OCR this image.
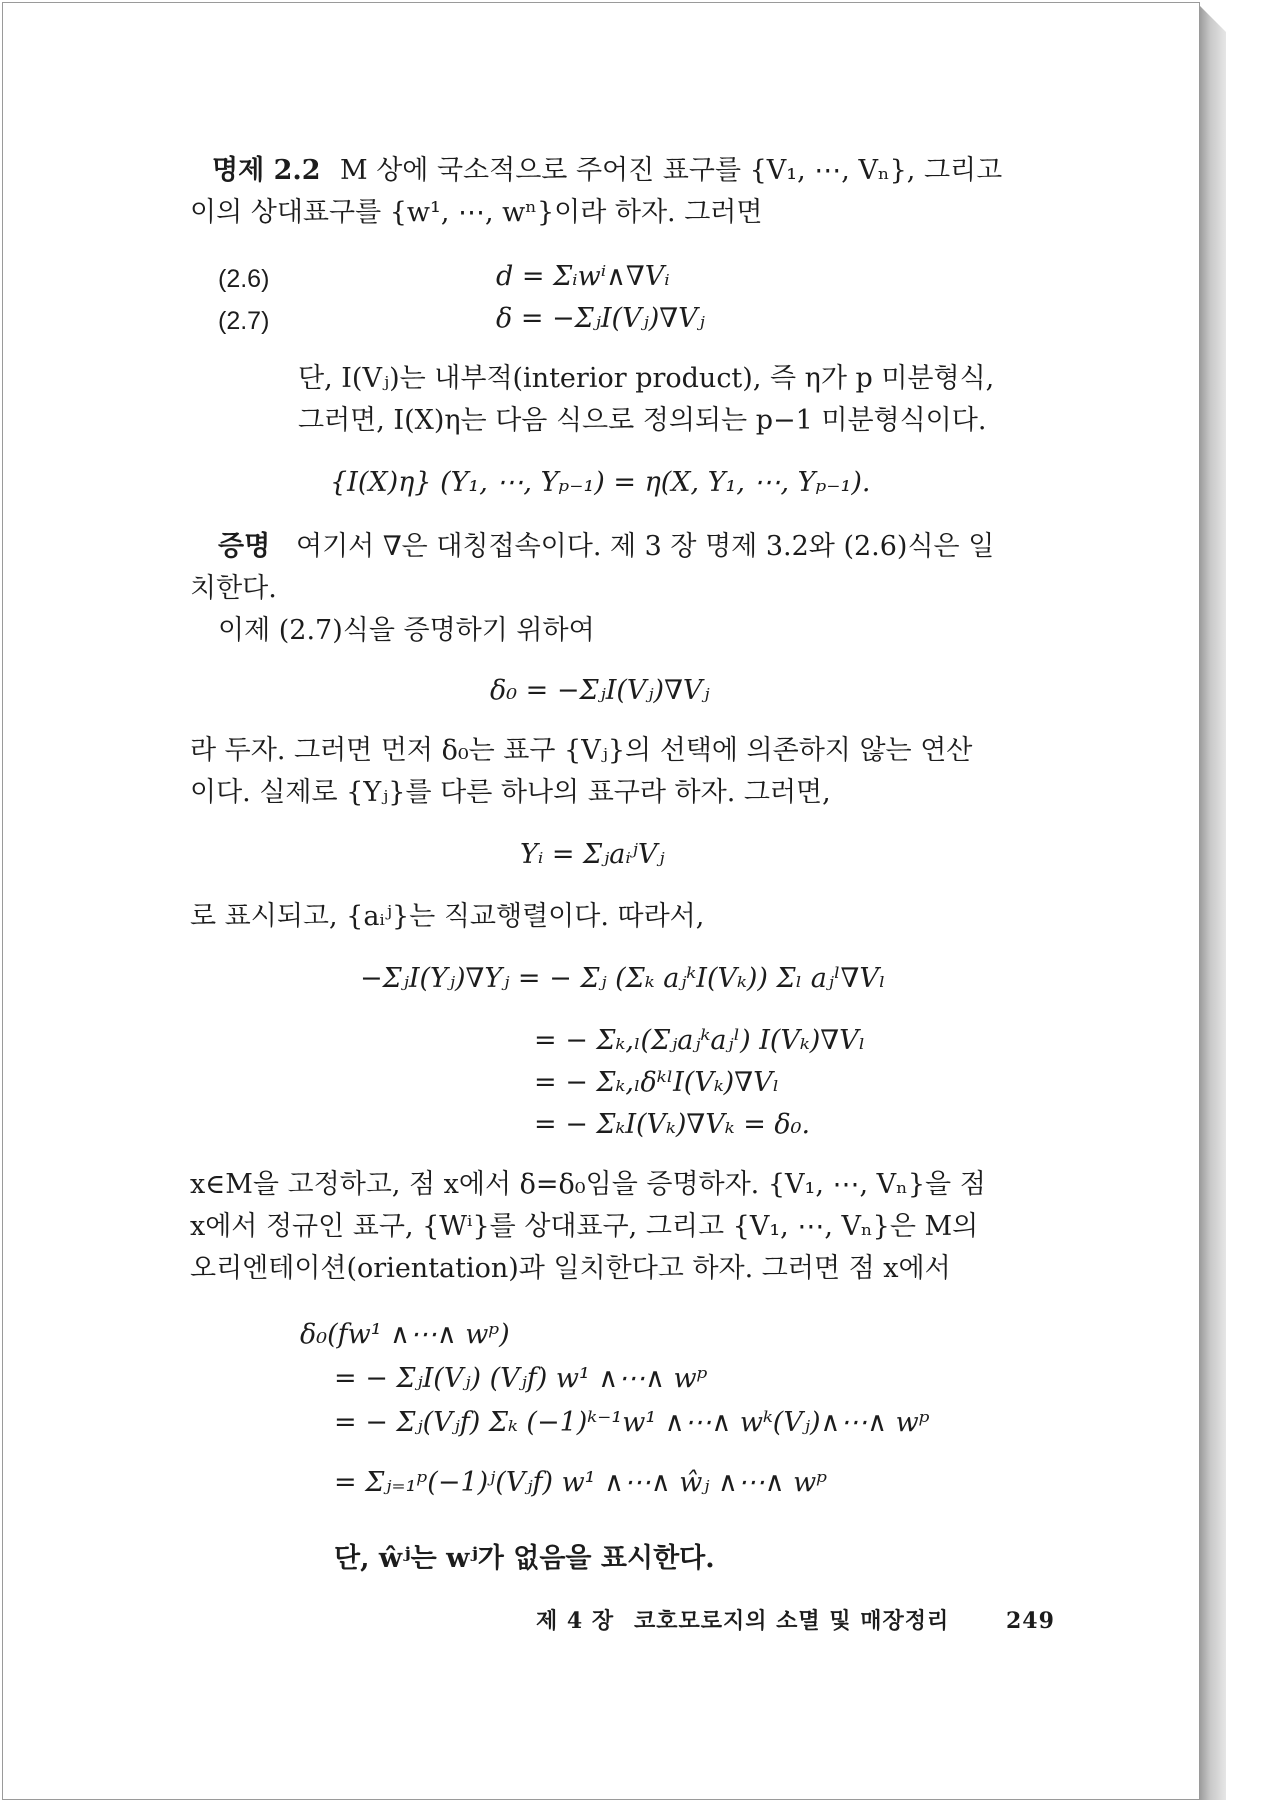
명제 2.2 M 상에 국소적으로 주어진 표구를 {V₁, ⋯, Vₙ}, 그리고
이의 상대표구를 {w¹, ⋯, wⁿ}이라 하자. 그러면
(2.6)	d = Σᵢwⁱ∧∇Vᵢ
(2.7)	δ = −ΣⱼI(Vⱼ)∇Vⱼ
단, I(Vⱼ)는 내부적(interior product), 즉 η가 p 미분형식,
그러면, I(X)η는 다음 식으로 정의되는 p−1 미분형식이다.
{I(X)η} (Y₁, ⋯, Yₚ₋₁) = η(X, Y₁, ⋯, Yₚ₋₁).
증명 여기서 ∇은 대칭접속이다. 제 3 장 명제 3.2와 (2.6)식은 일
치한다.
이제 (2.7)식을 증명하기 위하여
δ₀ = −ΣⱼI(Vⱼ)∇Vⱼ
라 두자. 그러면 먼저 δ₀는 표구 {Vⱼ}의 선택에 의존하지 않는 연산
이다. 실제로 {Yⱼ}를 다른 하나의 표구라 하자. 그러면,
Yᵢ = ΣⱼaᵢʲVⱼ
로 표시되고, {aᵢʲ}는 직교행렬이다. 따라서,
−ΣⱼI(Yⱼ)∇Yⱼ = − Σⱼ (Σₖ aⱼᵏI(Vₖ)) Σₗ aⱼˡ∇Vₗ
= − Σₖ,ₗ(Σⱼaⱼᵏaⱼˡ) I(Vₖ)∇Vₗ
= − Σₖ,ₗδᵏˡI(Vₖ)∇Vₗ
= − ΣₖI(Vₖ)∇Vₖ = δ₀.
x∈M을 고정하고, 점 x에서 δ=δ₀임을 증명하자. {V₁, ⋯, Vₙ}을 점
x에서 정규인 표구, {Wⁱ}를 상대표구, 그리고 {V₁, ⋯, Vₙ}은 M의
오리엔테이션(orientation)과 일치한다고 하자. 그러면 점 x에서
δ₀(fw¹ ∧⋯∧ wᵖ)
= − ΣⱼI(Vⱼ) (Vⱼf) w¹ ∧⋯∧ wᵖ
= − Σⱼ(Vⱼf) Σₖ (−1)ᵏ⁻¹w¹ ∧⋯∧ wᵏ(Vⱼ)∧⋯∧ wᵖ
= Σⱼ₌₁ᵖ(−1)ʲ(Vⱼf) w¹ ∧⋯∧ ŵⱼ ∧⋯∧ wᵖ
단, ŵʲ는 wʲ가 없음을 표시한다.
제 4 장 코호모로지의 소멸 및 매장정리	249
